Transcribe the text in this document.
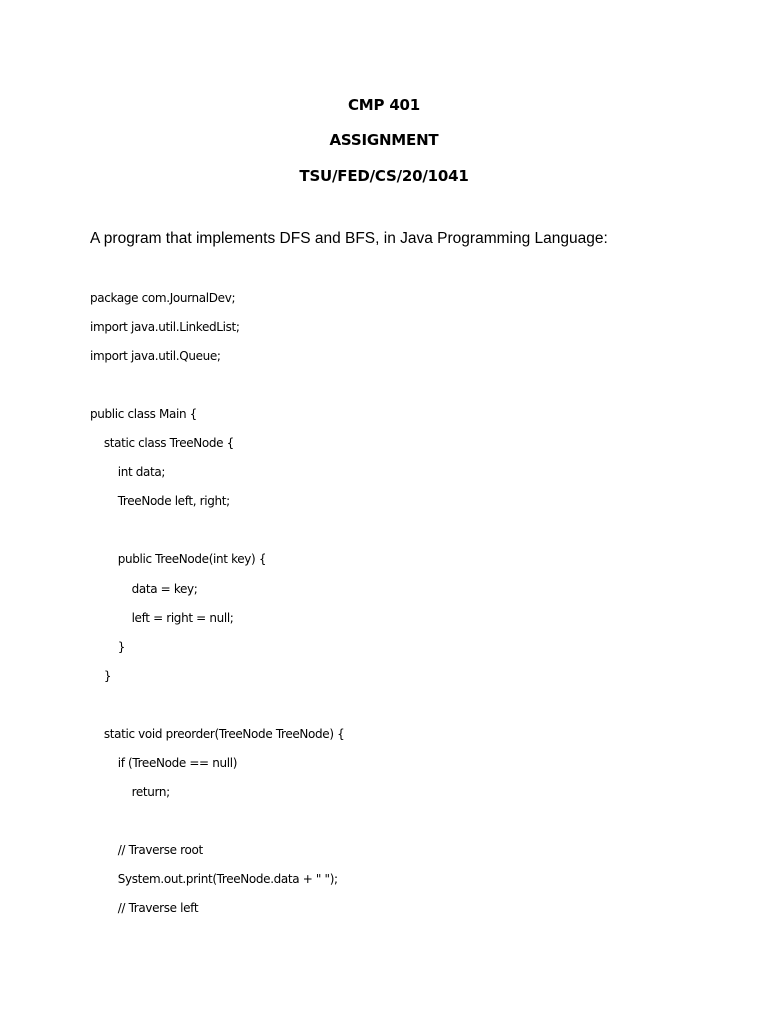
CMP 401
ASSIGNMENT
TSU/FED/CS/20/1041
A program that implements DFS and BFS, in Java Programming Language:
package com.JournalDev;
import java.util.LinkedList;
import java.util.Queue;
public class Main {
static class TreeNode {
int data;
TreeNode left, right;
public TreeNode(int key) {
data = key;
left = right = null;
}
}
static void preorder(TreeNode TreeNode) {
if (TreeNode == null)
return;
// Traverse root
System.out.print(TreeNode.data + " ");
// Traverse left
